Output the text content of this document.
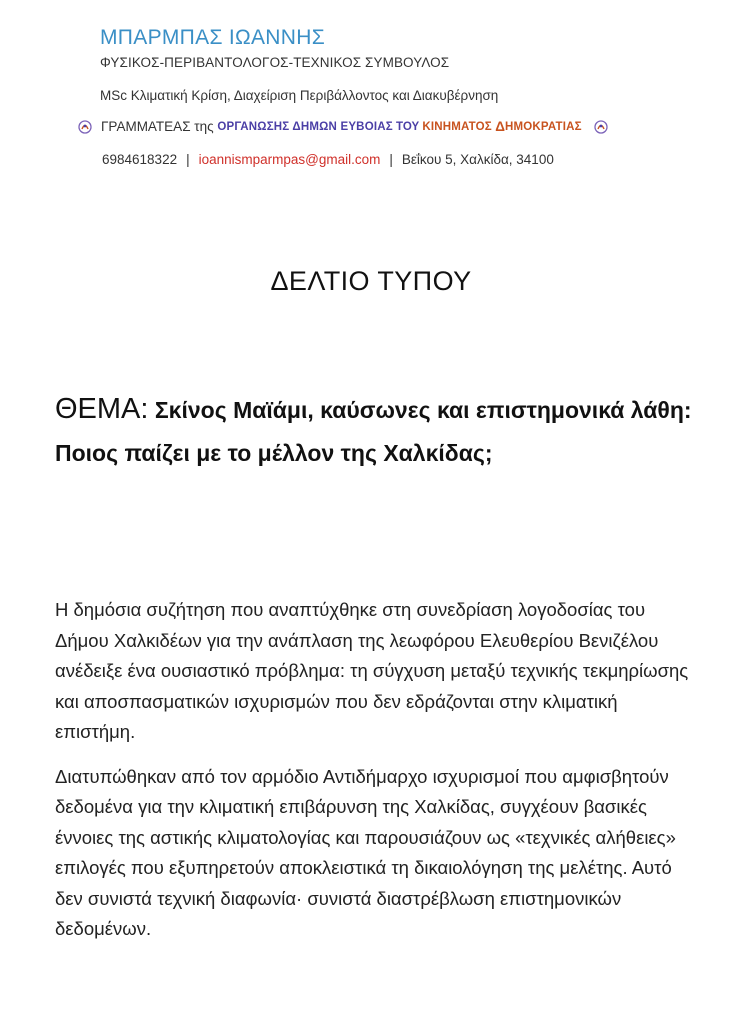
ΜΠΑΡΜΠΑΣ ΙΩΑΝΝΗΣ
ΦΥΣΙΚΟΣ-ΠΕΡΙΒΑΝΤΟΛΟΓΟΣ-ΤΕΧΝΙΚΟΣ ΣΥΜΒΟΥΛΟΣ
MSc Κλιματική Κρίση, Διαχείριση Περιβάλλοντος και Διακυβέρνηση
ΓΡΑΜΜΑΤΕΑΣ της ΟΡΓΑΝΩΣΗΣ ΔΗΜΩΝ ΕΥΒΟΙΑΣ ΤΟΥ ΚΙΝΗΜΑΤΟΣ Δ ΗΜΟΚΡΑΤΙΑΣ
6984618322 | ioannismparmpas@gmail.com | Βεΐκου 5, Χαλκίδα, 34100
ΔΕΛΤΙΟ ΤΥΠΟΥ
ΘΕΜΑ: Σκίνος Μαϊάμι, καύσωνες και επιστημονικά λάθη: Ποιος παίζει με το μέλλον της Χαλκίδας;

Η δημόσια συζήτηση που αναπτύχθηκε στη συνεδρίαση λογοδοσίας του Δήμου Χαλκιδέων για την ανάπλαση της λεωφόρου Ελευθερίου Βενιζέλου ανέδειξε ένα ουσιαστικό πρόβλημα: τη σύγχυση μεταξύ τεχνικής τεκμηρίωσης και αποσπασματικών ισχυρισμών που δεν εδράζονται στην κλιματική επιστήμη.

Διατυπώθηκαν από τον αρμόδιο Αντιδήμαρχο ισχυρισμοί που αμφισβητούν δεδομένα για την κλιματική επιβάρυνση της Χαλκίδας, συγχέουν βασικές έννοιες της αστικής κλιματολογίας και παρουσιάζουν ως «τεχνικές αλήθειες» επιλογές που εξυπηρετούν αποκλειστικά τη δικαιολόγηση της μελέτης. Αυτό δεν συνιστά τεχνική διαφωνία· συνιστά διαστρέβλωση επιστημονικών δεδομένων.
